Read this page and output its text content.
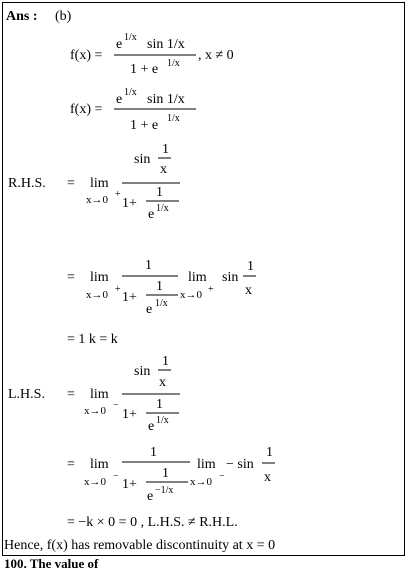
Ans : (b)
f(x) =
e 1/x sin 1/x
1 + e 1/x
, x ≠ 0
f(x) =
e 1/x sin 1/x
1 + e 1/x
R.H.S. = lim
x→0 +
sin
1
x
1+
1
e 1/x
= lim
x→0 +
1
1+
1
e 1/x
lim
x→0 +
sin
1
x
= 1 k = k
L.H.S. = lim
x→0 −
sin
1
x
1+
1
e 1/x
= lim
x→0 −
1
1+
1
e −1/x
lim
x→0 −
− sin
1
x
= −k × 0 = 0 , L.H.S. ≠ R.H.L.
Hence, f(x) has removable discontinuity at x = 0
100. The value of
